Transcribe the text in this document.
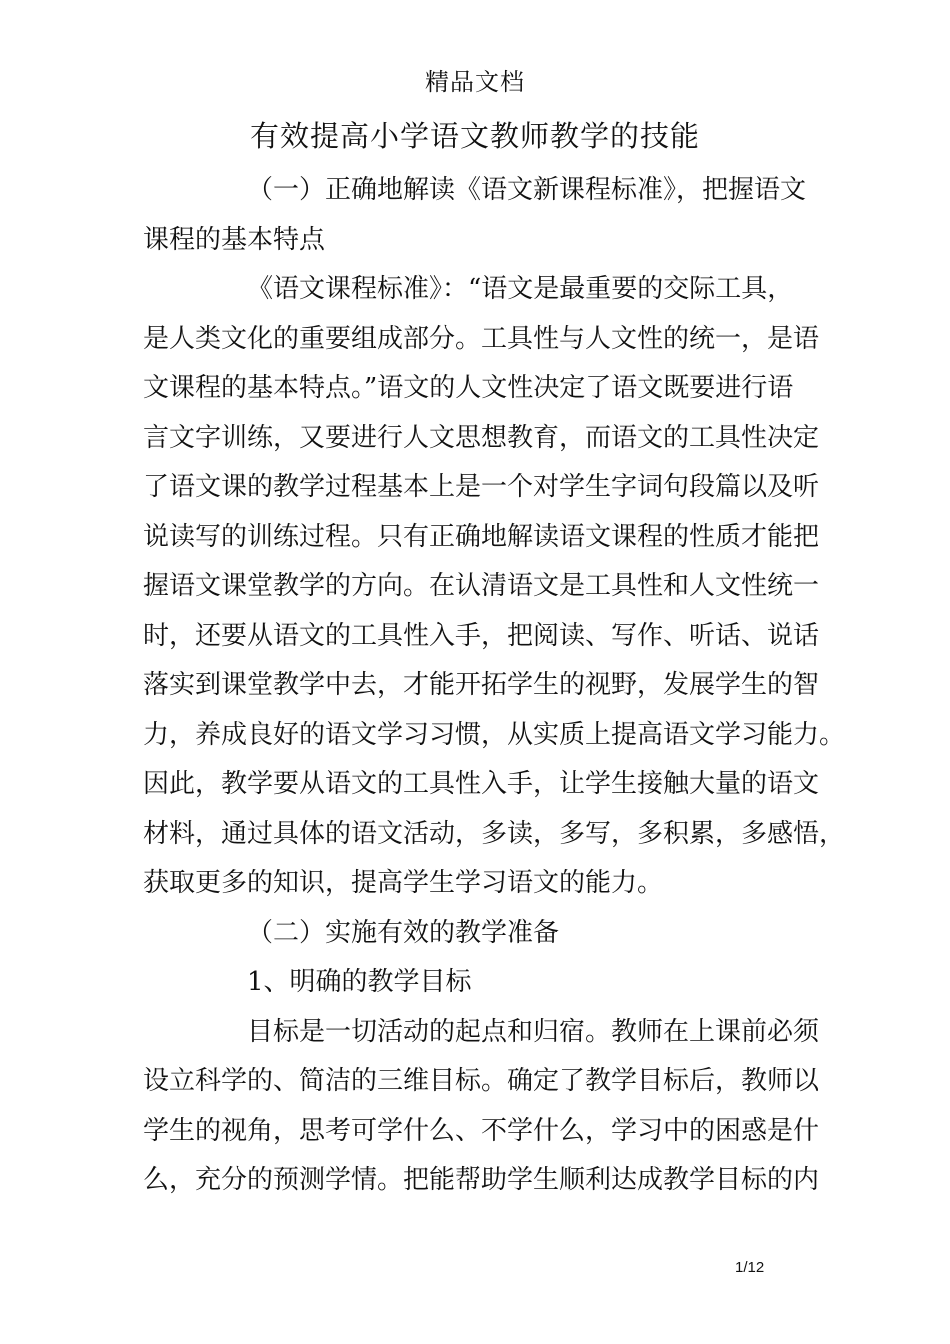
精品文档
有效提高小学语文教师教学的技能
（一）正确地解读《语文新课程标准》，把握语文
课程的基本特点
《语文课程标准》：“语文是最重要的交际工具，
是人类文化的重要组成部分。工具性与人文性的统一，是语
文课程的基本特点。”语文的人文性决定了语文既要进行语
言文字训练，又要进行人文思想教育，而语文的工具性决定
了语文课的教学过程基本上是一个对学生字词句段篇以及听
说读写的训练过程。只有正确地解读语文课程的性质才能把
握语文课堂教学的方向。在认清语文是工具性和人文性统一
时，还要从语文的工具性入手，把阅读、写作、听话、说话
落实到课堂教学中去，才能开拓学生的视野，发展学生的智
力，养成良好的语文学习习惯，从实质上提高语文学习能力。
因此，教学要从语文的工具性入手，让学生接触大量的语文
材料，通过具体的语文活动，多读，多写，多积累，多感悟，
获取更多的知识，提高学生学习语文的能力。
（二）实施有效的教学准备
1、明确的教学目标
目标是一切活动的起点和归宿。教师在上课前必须
设立科学的、简洁的三维目标。确定了教学目标后，教师以
学生的视角，思考可学什么、不学什么，学习中的困惑是什
么，充分的预测学情。把能帮助学生顺利达成教学目标的内
1/12
